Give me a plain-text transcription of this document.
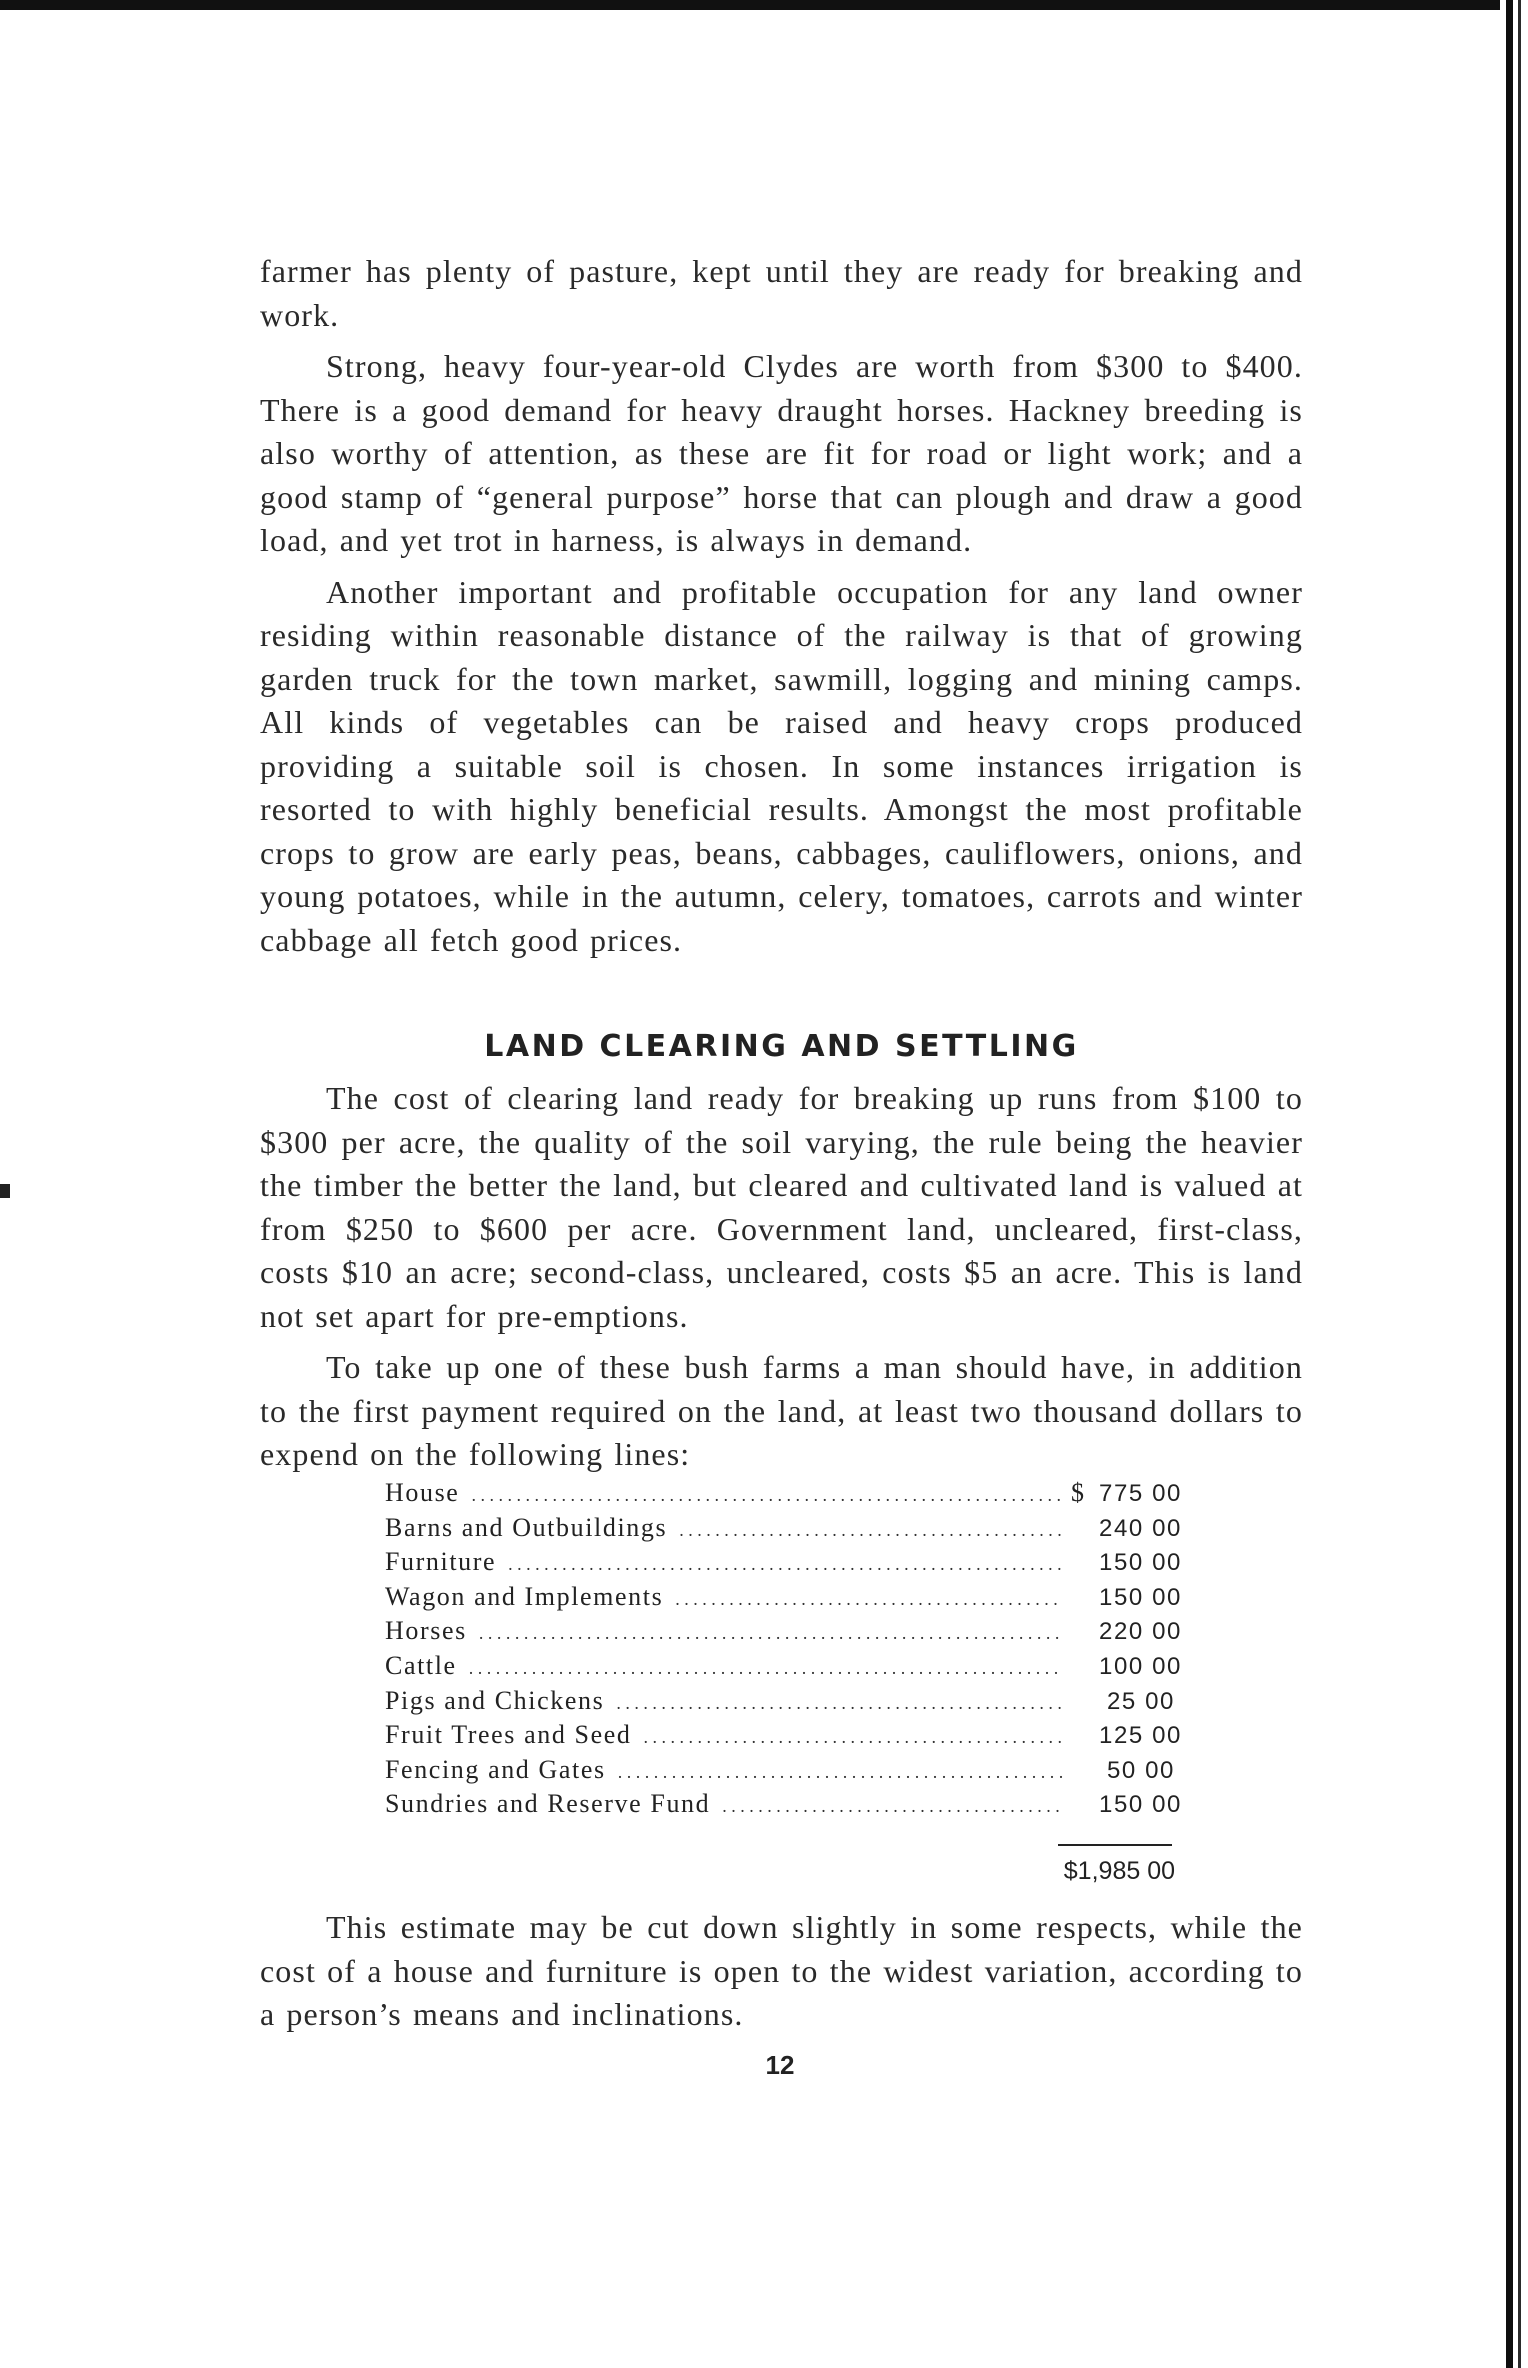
farmer has plenty of pasture, kept until they are ready for breaking and work.

Strong, heavy four-year-old Clydes are worth from $300 to $400. There is a good demand for heavy draught horses. Hackney breeding is also worthy of attention, as these are fit for road or light work; and a good stamp of “general purpose” horse that can plough and draw a good load, and yet trot in harness, is always in demand.

Another important and profitable occupation for any land owner residing within reasonable distance of the railway is that of growing garden truck for the town market, sawmill, logging and mining camps. All kinds of vegetables can be raised and heavy crops produced providing a suitable soil is chosen. In some instances irrigation is resorted to with highly beneficial results. Amongst the most profitable crops to grow are early peas, beans, cabbages, cauliflowers, onions, and young potatoes, while in the autumn, celery, tomatoes, carrots and winter cabbage all fetch good prices.

LAND CLEARING AND SETTLING

The cost of clearing land ready for breaking up runs from $100 to $300 per acre, the quality of the soil varying, the rule being the heavier the timber the better the land, but cleared and cultivated land is valued at from $250 to $600 per acre. Government land, uncleared, first-class, costs $10 an acre; second-class, uncleared, costs $5 an acre. This is land not set apart for pre-emptions.

To take up one of these bush farms a man should have, in addition to the first payment required on the land, at least two thousand dollars to expend on the following lines:

House . . .	$ 775 00
Barns and Outbuildings . . .	240 00
Furniture . . .	150 00
Wagon and Implements . . .	150 00
Horses . . .	220 00
Cattle . . .	100 00
Pigs and Chickens . . .	25 00
Fruit Trees and Seed . . .	125 00
Fencing and Gates . . .	50 00
Sundries and Reserve Fund . . .	150 00
$1,985 00

This estimate may be cut down slightly in some respects, while the cost of a house and furniture is open to the widest variation, according to a person’s means and inclinations.

12
